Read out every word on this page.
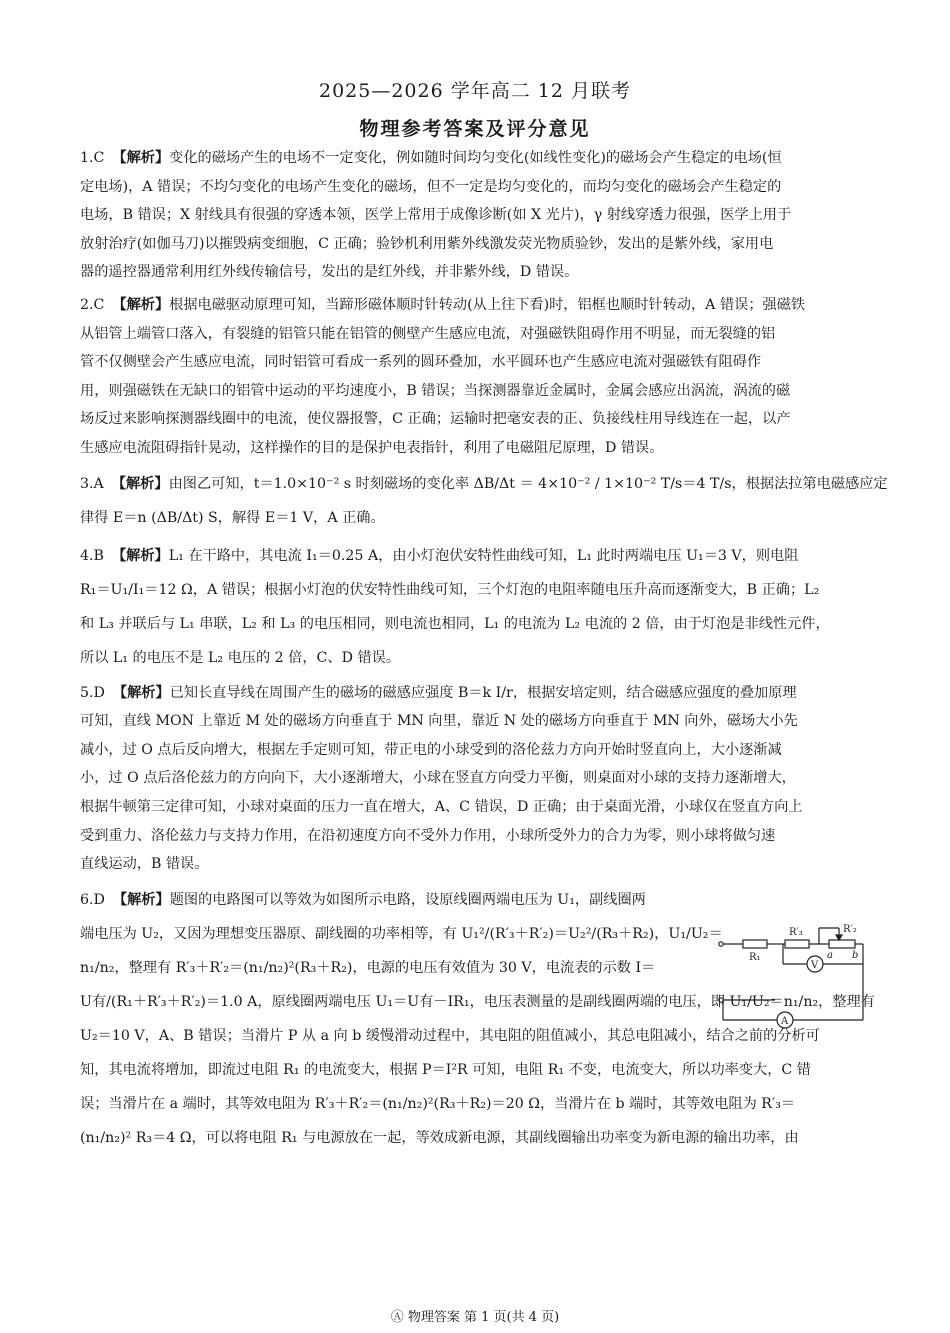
2025—2026 学年高二 12 月联考
物理参考答案及评分意见
1.C 【解析】变化的磁场产生的电场不一定变化，例如随时间均匀变化(如线性变化)的磁场会产生稳定的电场(恒
定电场)，A 错误；不均匀变化的电场产生变化的磁场，但不一定是均匀变化的，而均匀变化的磁场会产生稳定的
电场，B 错误；X 射线具有很强的穿透本领，医学上常用于成像诊断(如 X 光片)，γ 射线穿透力很强，医学上用于
放射治疗(如伽马刀)以摧毁病变细胞，C 正确；验钞机利用紫外线激发荧光物质验钞，发出的是紫外线，家用电
器的遥控器通常利用红外线传输信号，发出的是红外线，并非紫外线，D 错误。
2.C 【解析】根据电磁驱动原理可知，当蹄形磁体顺时针转动(从上往下看)时，铝框也顺时针转动，A 错误；强磁铁
从铝管上端管口落入，有裂缝的铝管只能在铝管的侧壁产生感应电流，对强磁铁阻碍作用不明显，而无裂缝的铝
管不仅侧壁会产生感应电流，同时铝管可看成一系列的圆环叠加，水平圆环也产生感应电流对强磁铁有阻碍作
用，则强磁铁在无缺口的铝管中运动的平均速度小，B 错误；当探测器靠近金属时，金属会感应出涡流，涡流的磁
场反过来影响探测器线圈中的电流，使仪器报警，C 正确；运输时把毫安表的正、负接线柱用导线连在一起，以产
生感应电流阻碍指针晃动，这样操作的目的是保护电表指针，利用了电磁阻尼原理，D 错误。
3.A 【解析】由图乙可知，t＝1.0×10⁻² s 时刻磁场的变化率 ΔB/Δt ＝ 4×10⁻² / 1×10⁻² T/s＝4 T/s，根据法拉第电磁感应定
律得 E＝n (ΔB/Δt) S，解得 E＝1 V，A 正确。
4.B 【解析】L₁ 在干路中，其电流 I₁＝0.25 A，由小灯泡伏安特性曲线可知，L₁ 此时两端电压 U₁＝3 V，则电阻
R₁＝U₁/I₁＝12 Ω，A 错误；根据小灯泡的伏安特性曲线可知，三个灯泡的电阻率随电压升高而逐渐变大，B 正确；L₂
和 L₃ 并联后与 L₁ 串联，L₂ 和 L₃ 的电压相同，则电流也相同，L₁ 的电流为 L₂ 电流的 2 倍，由于灯泡是非线性元件，
所以 L₁ 的电压不是 L₂ 电压的 2 倍，C、D 错误。
5.D 【解析】已知长直导线在周围产生的磁场的磁感应强度 B＝k I/r，根据安培定则，结合磁感应强度的叠加原理
可知，直线 MON 上靠近 M 处的磁场方向垂直于 MN 向里，靠近 N 处的磁场方向垂直于 MN 向外，磁场大小先
减小，过 O 点后反向增大，根据左手定则可知，带正电的小球受到的洛伦兹力方向开始时竖直向上，大小逐渐减
小，过 O 点后洛伦兹力的方向向下，大小逐渐增大，小球在竖直方向受力平衡，则桌面对小球的支持力逐渐增大，
根据牛顿第三定律可知，小球对桌面的压力一直在增大，A、C 错误，D 正确；由于桌面光滑，小球仅在竖直方向上
受到重力、洛伦兹力与支持力作用，在沿初速度方向不受外力作用，小球所受外力的合力为零，则小球将做匀速
直线运动，B 错误。
6.D 【解析】题图的电路图可以等效为如图所示电路，设原线圈两端电压为 U₁，副线圈两
端电压为 U₂，又因为理想变压器原、副线圈的功率相等，有 U₁²/(R′₃＋R′₂)＝U₂²/(R₃＋R₂)，U₁/U₂＝
n₁/n₂，整理有 R′₃＋R′₂＝(n₁/n₂)²(R₃＋R₂)，电源的电压有效值为 30 V，电流表的示数 I＝
U有/(R₁＋R′₃＋R′₂)＝1.0 A，原线圈两端电压 U₁＝U有－IR₁，电压表测量的是副线圈两端的电压，即 U₁/U₂＝n₁/n₂，整理有
U₂＝10 V，A、B 错误；当滑片 P 从 a 向 b 缓慢滑动过程中，其电阻的阻值减小，其总电阻减小，结合之前的分析可
知，其电流将增加，即流过电阻 R₁ 的电流变大，根据 P＝I²R 可知，电阻 R₁ 不变，电流变大，所以功率变大，C 错
误；当滑片在 a 端时，其等效电阻为 R′₃＋R′₂＝(n₁/n₂)²(R₃＋R₂)＝20 Ω，当滑片在 b 端时，其等效电阻为 R′₃＝
(n₁/n₂)² R₃＝4 Ω，可以将电阻 R₁ 与电源放在一起，等效成新电源，其副线圈输出功率变为新电源的输出功率，由
R₁
R′₃	R′₂
a b
V
A
Ⓐ 物理答案 第 1 页(共 4 页)
